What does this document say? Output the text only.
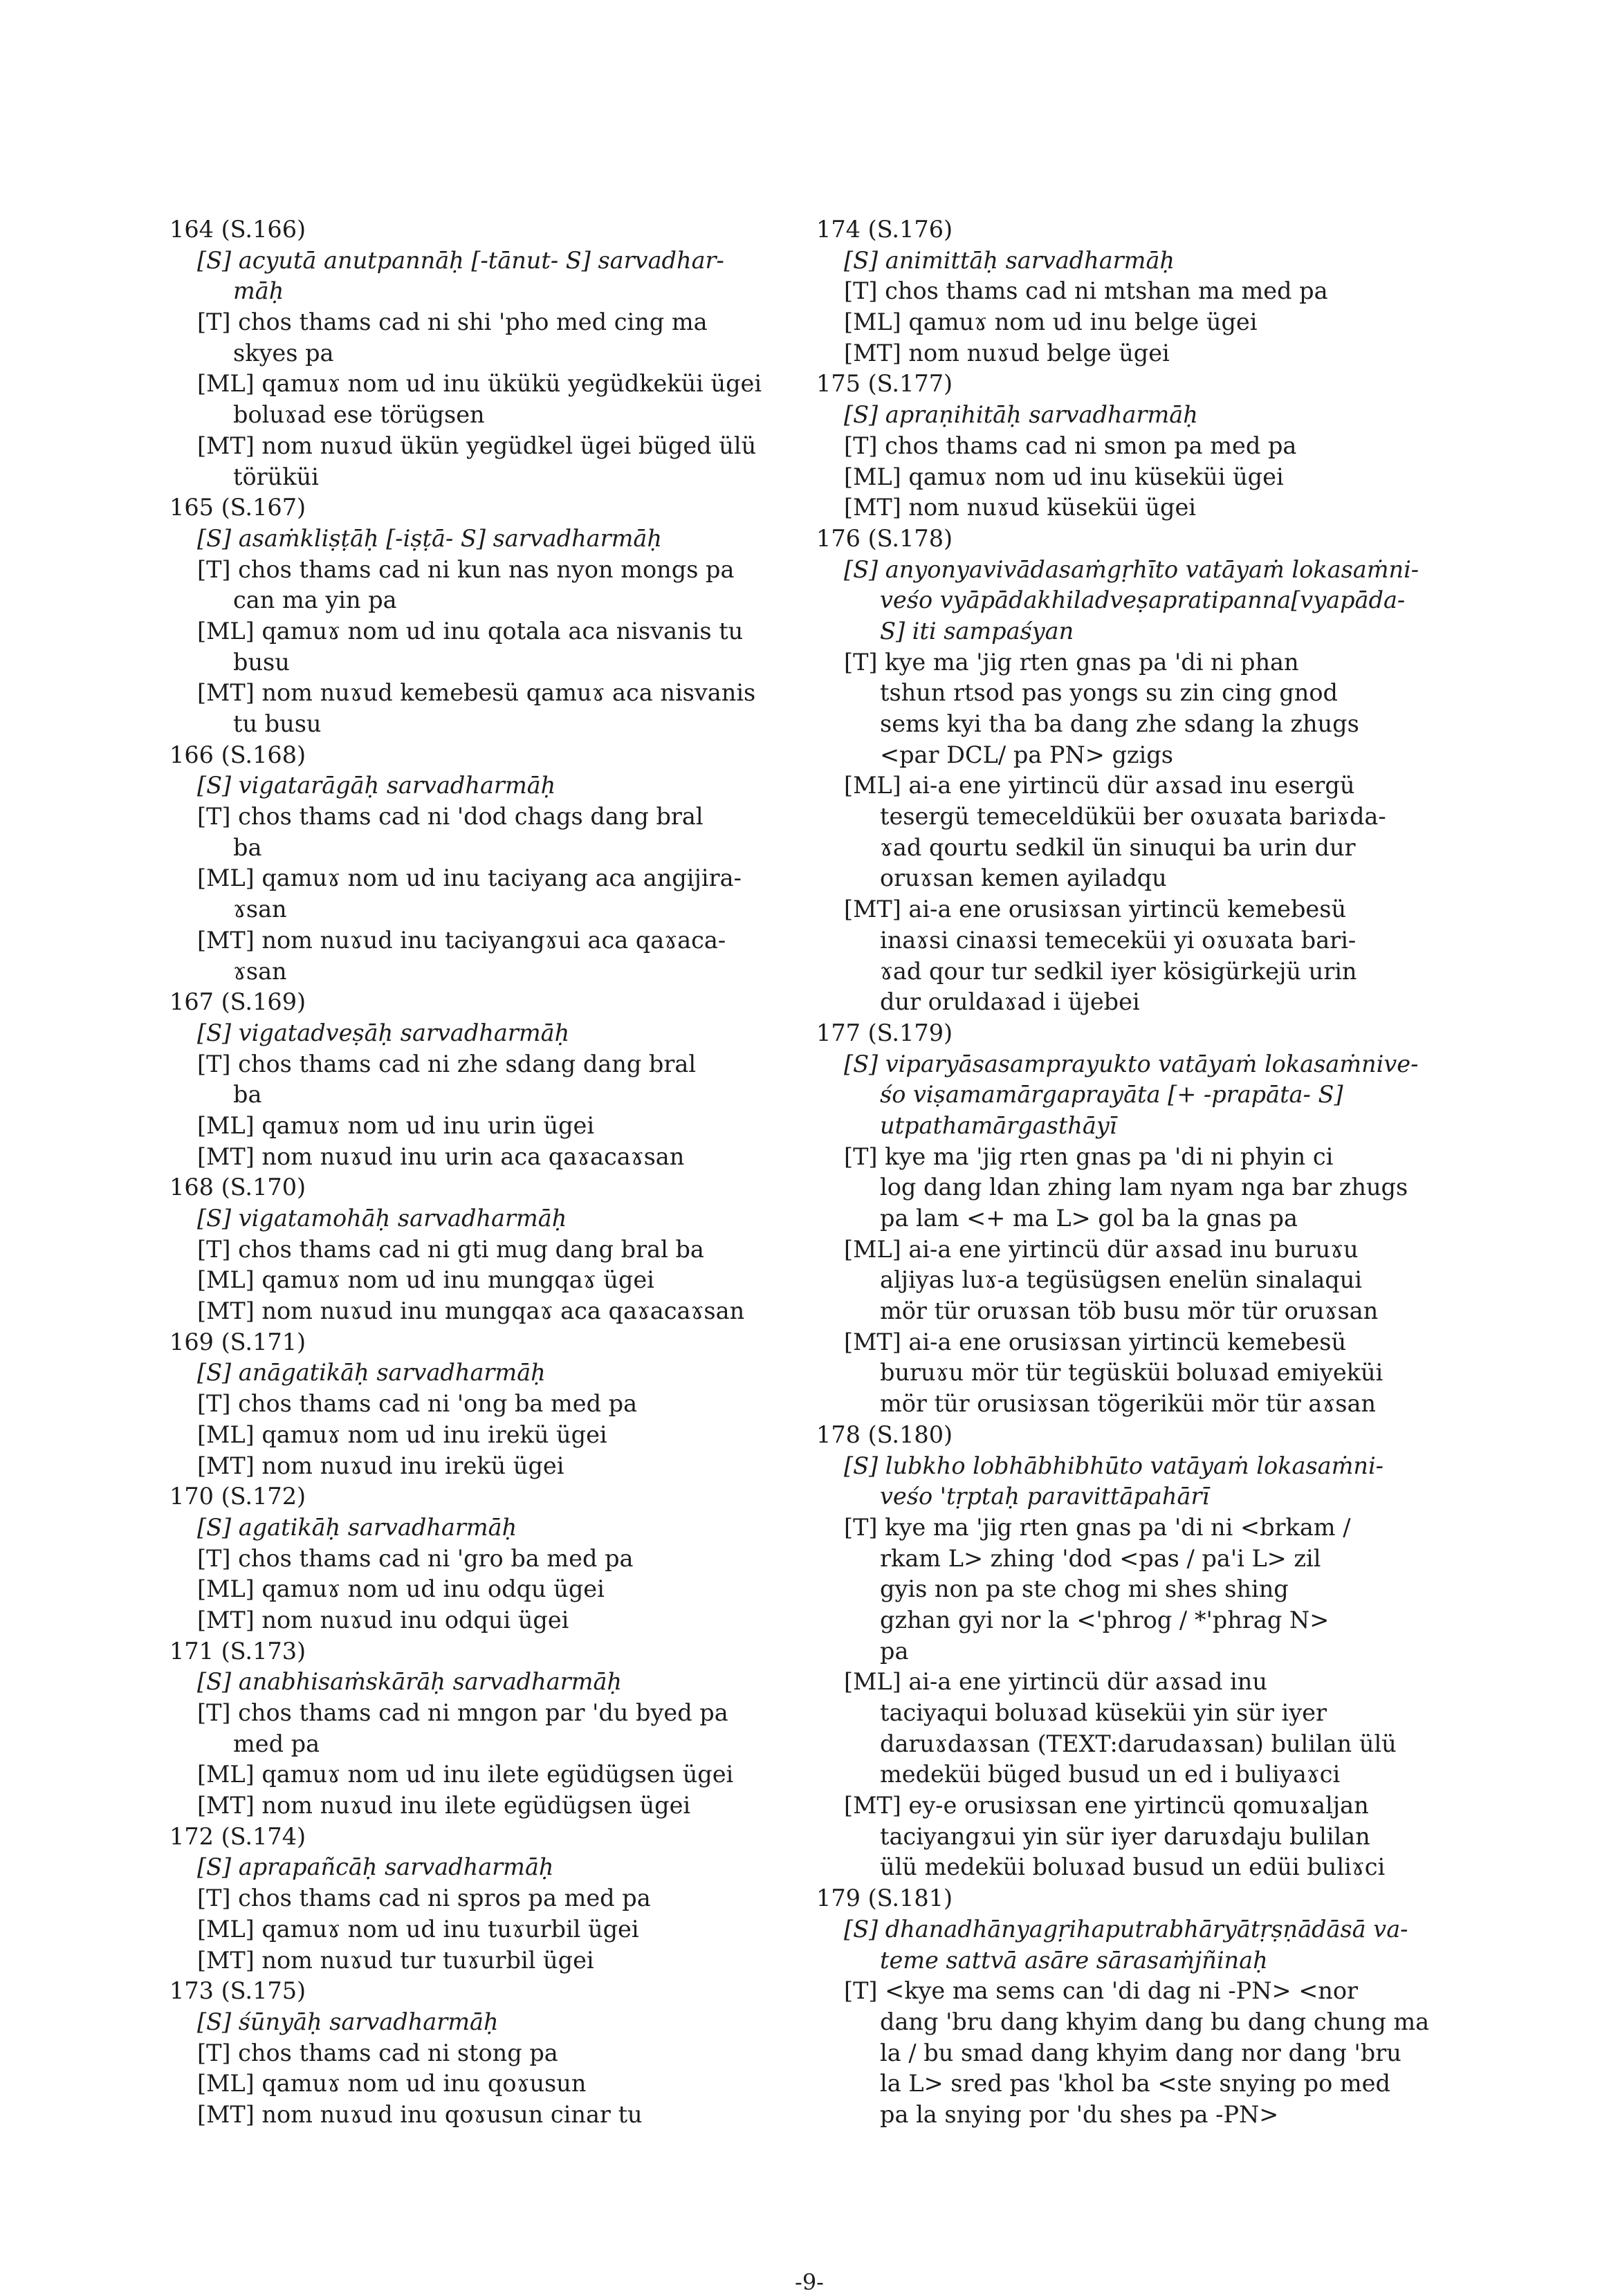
164 (S.166)
[S] acyutā anutpannāḥ [-tānut- S] sarvadhar-
māḥ
[T] chos thams cad ni shi 'pho med cing ma
skyes pa
[ML] qamuɤ nom ud inu ükükü yegüdkeküi ügei
boluɤad ese törügsen
[MT] nom nuɤud ükün yegüdkel ügei büged ülü
törüküi
165 (S.167)
[S] asaṁkliṣṭāḥ [-iṣṭā- S] sarvadharmāḥ
[T] chos thams cad ni kun nas nyon mongs pa
can ma yin pa
[ML] qamuɤ nom ud inu qotala aca nisvanis tu
busu
[MT] nom nuɤud kemebesü qamuɤ aca nisvanis
tu busu
166 (S.168)
[S] vigatarāgāḥ sarvadharmāḥ
[T] chos thams cad ni 'dod chags dang bral
ba
[ML] qamuɤ nom ud inu taciyang aca angijira-
ɤsan
[MT] nom nuɤud inu taciyangɤui aca qaɤaca-
ɤsan
167 (S.169)
[S] vigatadveṣāḥ sarvadharmāḥ
[T] chos thams cad ni zhe sdang dang bral
ba
[ML] qamuɤ nom ud inu urin ügei
[MT] nom nuɤud inu urin aca qaɤacaɤsan
168 (S.170)
[S] vigatamohāḥ sarvadharmāḥ
[T] chos thams cad ni gti mug dang bral ba
[ML] qamuɤ nom ud inu mungqaɤ ügei
[MT] nom nuɤud inu mungqaɤ aca qaɤacaɤsan
169 (S.171)
[S] anāgatikāḥ sarvadharmāḥ
[T] chos thams cad ni 'ong ba med pa
[ML] qamuɤ nom ud inu irekü ügei
[MT] nom nuɤud inu irekü ügei
170 (S.172)
[S] agatikāḥ sarvadharmāḥ
[T] chos thams cad ni 'gro ba med pa
[ML] qamuɤ nom ud inu odqu ügei
[MT] nom nuɤud inu odqui ügei
171 (S.173)
[S] anabhisaṁskārāḥ sarvadharmāḥ
[T] chos thams cad ni mngon par 'du byed pa
med pa
[ML] qamuɤ nom ud inu ilete egüdügsen ügei
[MT] nom nuɤud inu ilete egüdügsen ügei
172 (S.174)
[S] aprapañcāḥ sarvadharmāḥ
[T] chos thams cad ni spros pa med pa
[ML] qamuɤ nom ud inu tuɤurbil ügei
[MT] nom nuɤud tur tuɤurbil ügei
173 (S.175)
[S] śūnyāḥ sarvadharmāḥ
[T] chos thams cad ni stong pa
[ML] qamuɤ nom ud inu qoɤusun
[MT] nom nuɤud inu qoɤusun cinar tu
174 (S.176)
[S] animittāḥ sarvadharmāḥ
[T] chos thams cad ni mtshan ma med pa
[ML] qamuɤ nom ud inu belge ügei
[MT] nom nuɤud belge ügei
175 (S.177)
[S] apraṇihitāḥ sarvadharmāḥ
[T] chos thams cad ni smon pa med pa
[ML] qamuɤ nom ud inu küseküi ügei
[MT] nom nuɤud küseküi ügei
176 (S.178)
[S] anyonyavivādasaṁgṛhīto vatāyaṁ lokasaṁni-
veśo vyāpādakhiladveṣapratipanna[vyapāda-
S] iti sampaśyan
[T] kye ma 'jig rten gnas pa 'di ni phan
tshun rtsod pas yongs su zin cing gnod
sems kyi tha ba dang zhe sdang la zhugs
<par DCL/ pa PN> gzigs
[ML] ai-a ene yirtincü dür aɤsad inu esergü
tesergü temeceldüküi ber oɤuɤata bariɤda-
ɤad qourtu sedkil ün sinuqui ba urin dur
oruɤsan kemen ayiladqu
[MT] ai-a ene orusiɤsan yirtincü kemebesü
inaɤsi cinaɤsi temeceküi yi oɤuɤata bari-
ɤad qour tur sedkil iyer kösigürkejü urin
dur oruldaɤad i üjebei
177 (S.179)
[S] viparyāsasamprayukto vatāyaṁ lokasaṁnive-
śo viṣamamārgaprayāta [+ -prapāta- S]
utpathamārgasthāyī
[T] kye ma 'jig rten gnas pa 'di ni phyin ci
log dang ldan zhing lam nyam nga bar zhugs
pa lam <+ ma L> gol ba la gnas pa
[ML] ai-a ene yirtincü dür aɤsad inu buruɤu
aljiyas luɤ-a tegüsügsen enelün sinalaqui
mör tür oruɤsan töb busu mör tür oruɤsan
[MT] ai-a ene orusiɤsan yirtincü kemebesü
buruɤu mör tür tegüsküi boluɤad emiyeküi
mör tür orusiɤsan tögeriküi mör tür aɤsan
178 (S.180)
[S] lubkho lobhābhibhūto vatāyaṁ lokasaṁni-
veśo 'tṛptaḥ paravittāpahārī
[T] kye ma 'jig rten gnas pa 'di ni <brkam /
rkam L> zhing 'dod <pas / pa'i L> zil
gyis non pa ste chog mi shes shing
gzhan gyi nor la <'phrog / *'phrag N>
pa
[ML] ai-a ene yirtincü dür aɤsad inu
taciyaqui boluɤad küseküi yin sür iyer
daruɤdaɤsan (TEXT:darudaɤsan) bulilan ülü
medeküi büged busud un ed i buliyaɤci
[MT] ey-e orusiɤsan ene yirtincü qomuɤaljan
taciyangɤui yin sür iyer daruɤdaju bulilan
ülü medeküi boluɤad busud un edüi buliɤci
179 (S.181)
[S] dhanadhānyagṛihaputrabhāryātṛṣṇādāsā va-
teme sattvā asāre sārasaṁjñinaḥ
[T] <kye ma sems can 'di dag ni -PN> <nor
dang 'bru dang khyim dang bu dang chung ma
la / bu smad dang khyim dang nor dang 'bru
la L> sred pas 'khol ba <ste snying po med
pa la snying por 'du shes pa -PN>
-9-
